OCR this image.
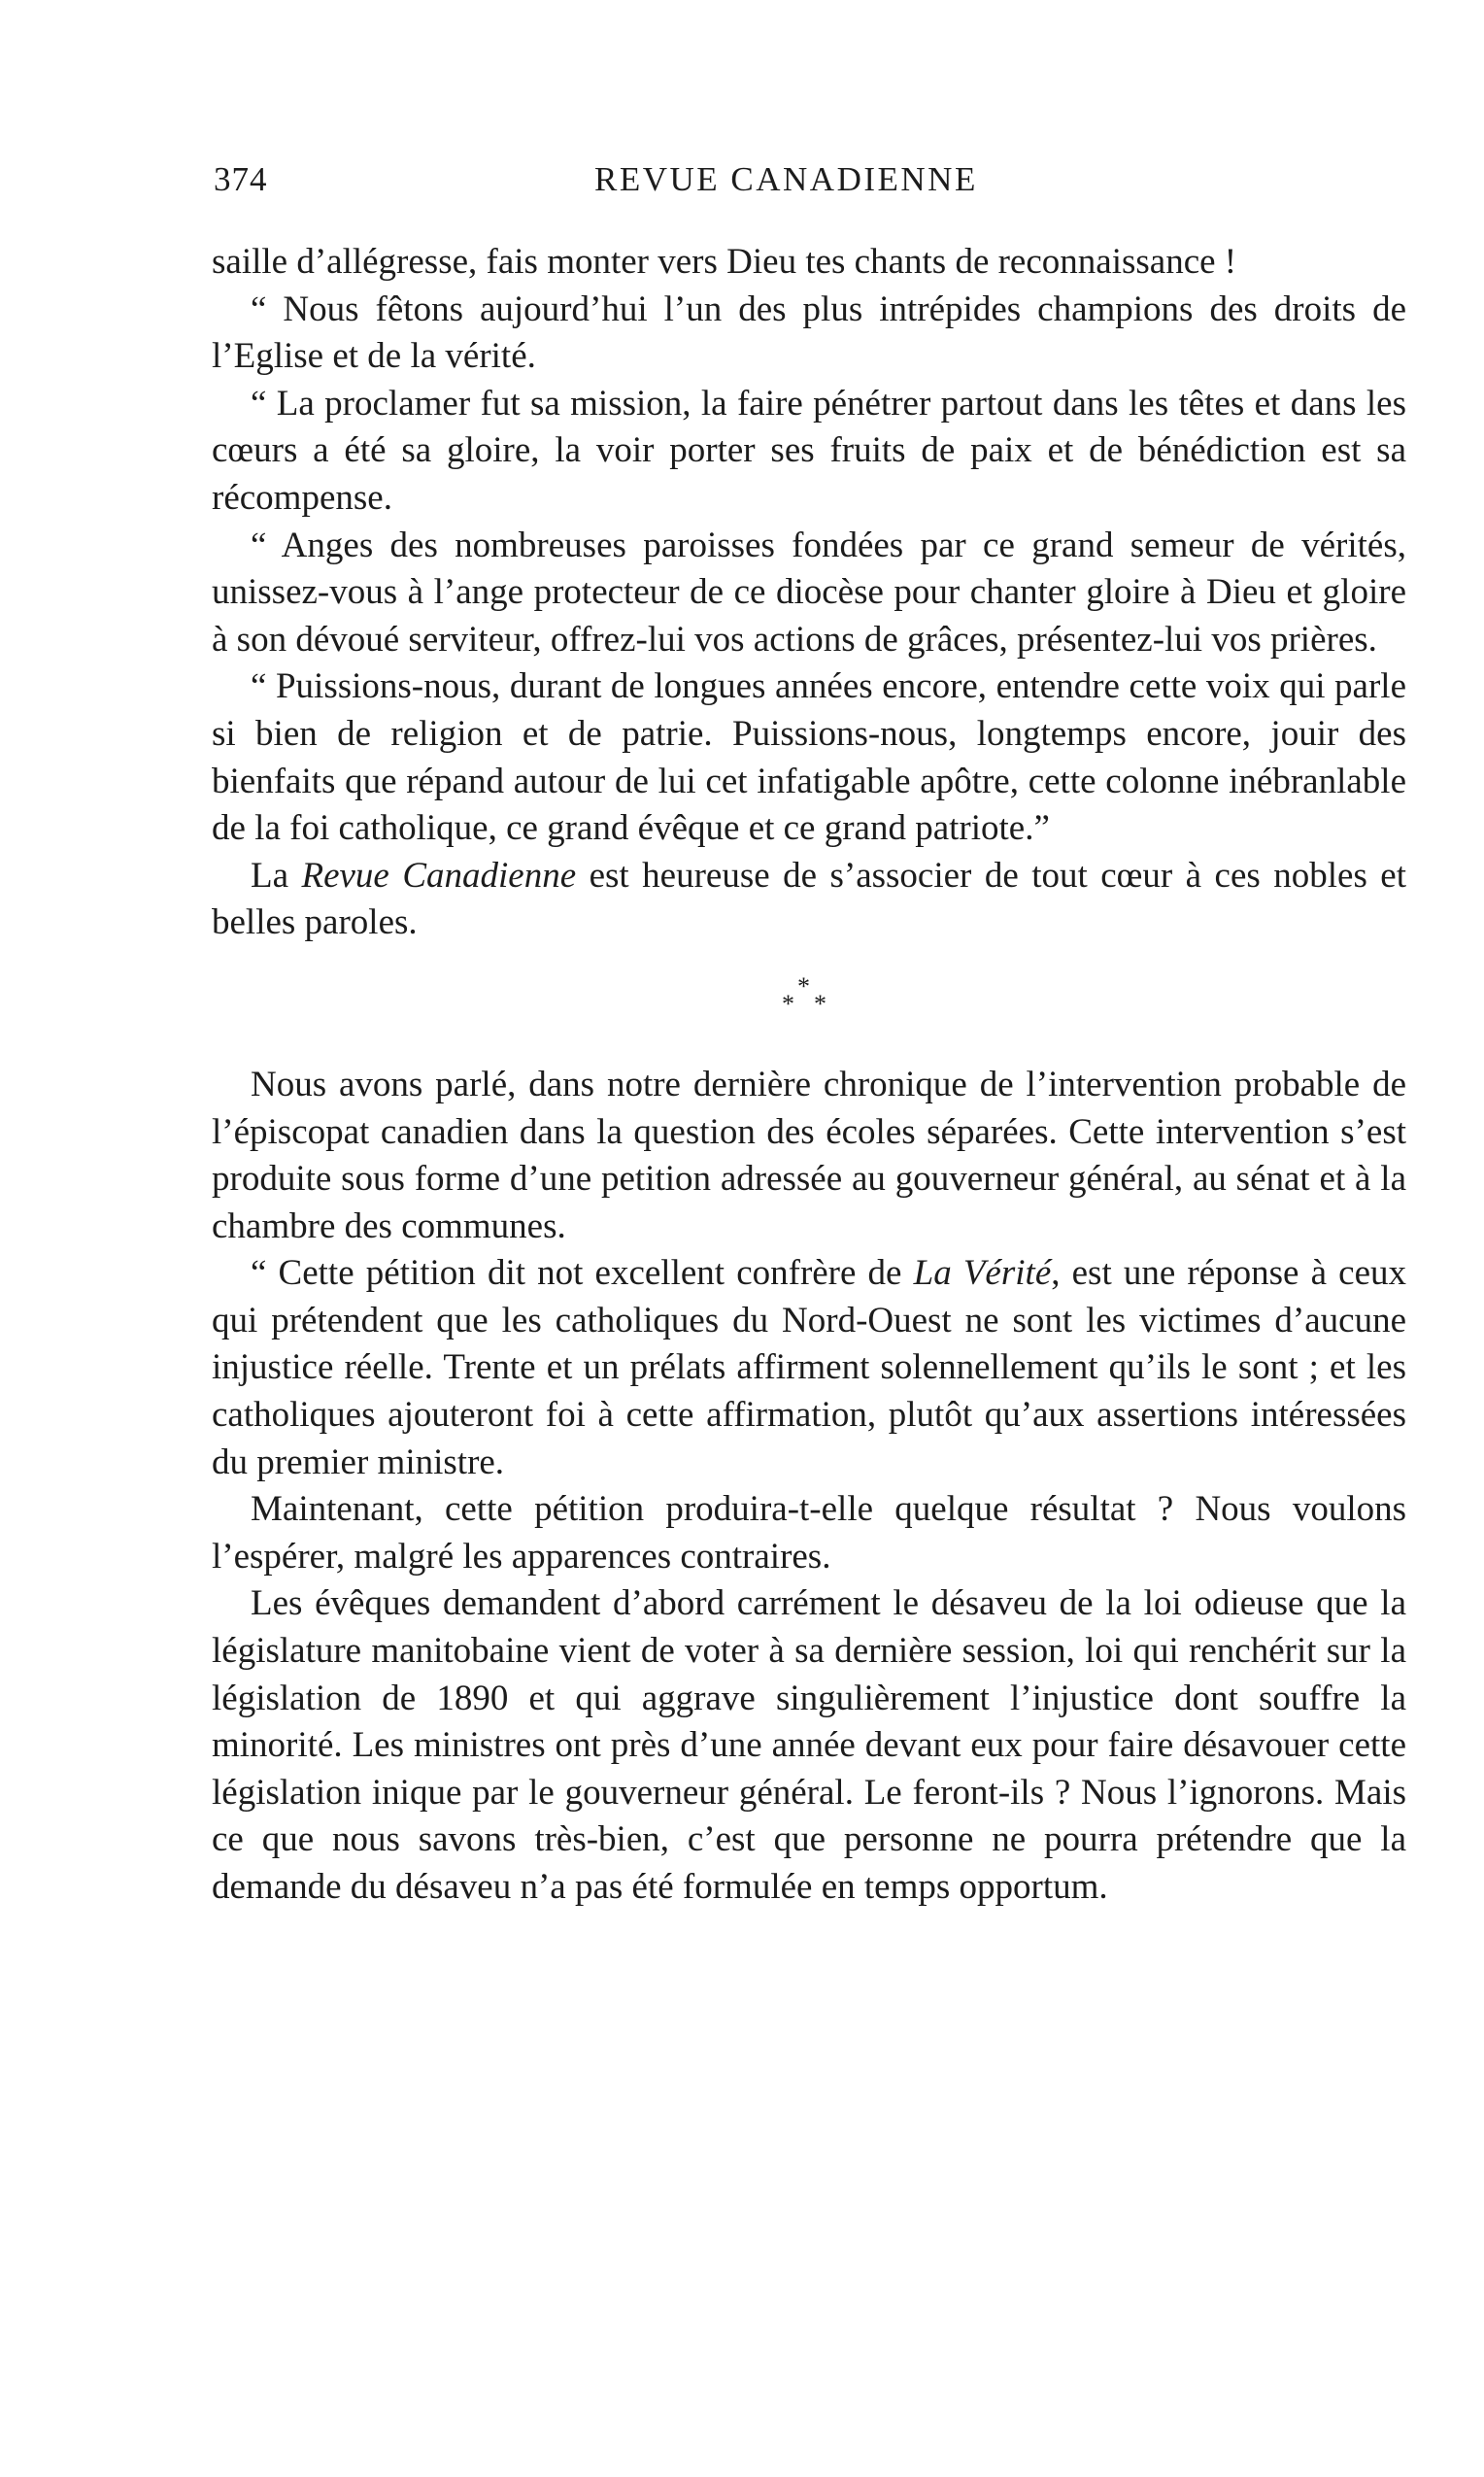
374	REVUE CANADIENNE

saille d’allégresse, fais monter vers Dieu tes chants de reconnaissance !

“ Nous fêtons aujourd’hui l’un des plus intrépides champions des droits de l’Eglise et de la vérité.

“ La proclamer fut sa mission, la faire pénétrer partout dans les têtes et dans les cœurs a été sa gloire, la voir porter ses fruits de paix et de bénédiction est sa récompense.

“ Anges des nombreuses paroisses fondées par ce grand semeur de vérités, unissez-vous à l’ange protecteur de ce diocèse pour chanter gloire à Dieu et gloire à son dévoué serviteur, offrez-lui vos actions de grâces, présentez-lui vos prières.

“ Puissions-nous, durant de longues années encore, entendre cette voix qui parle si bien de religion et de patrie. Puissions-nous, longtemps encore, jouir des bienfaits que répand autour de lui cet infatigable apôtre, cette colonne inébranlable de la foi catholique, ce grand évêque et ce grand patriote.”

La Revue Canadienne est heureuse de s’associer de tout cœur à ces nobles et belles paroles.

*
* *

Nous avons parlé, dans notre dernière chronique de l’intervention probable de l’épiscopat canadien dans la question des écoles séparées. Cette intervention s’est produite sous forme d’une petition adressée au gouverneur général, au sénat et à la chambre des communes.

“ Cette pétition dit not excellent confrère de La Vérité, est une réponse à ceux qui prétendent que les catholiques du Nord-Ouest ne sont les victimes d’aucune injustice réelle. Trente et un prélats affirment solennellement qu’ils le sont ; et les catholiques ajouteront foi à cette affirmation, plutôt qu’aux assertions intéressées du premier ministre.

Maintenant, cette pétition produira-t-elle quelque résultat ? Nous voulons l’espérer, malgré les apparences contraires.

Les évêques demandent d’abord carrément le désaveu de la loi odieuse que la législature manitobaine vient de voter à sa dernière session, loi qui renchérit sur la législation de 1890 et qui aggrave singulièrement l’injustice dont souffre la minorité. Les ministres ont près d’une année devant eux pour faire désavouer cette législation inique par le gouverneur général. Le feront-ils ? Nous l’ignorons. Mais ce que nous savons très-bien, c’est que personne ne pourra prétendre que la demande du désaveu n’a pas été formulée en temps opportum.
